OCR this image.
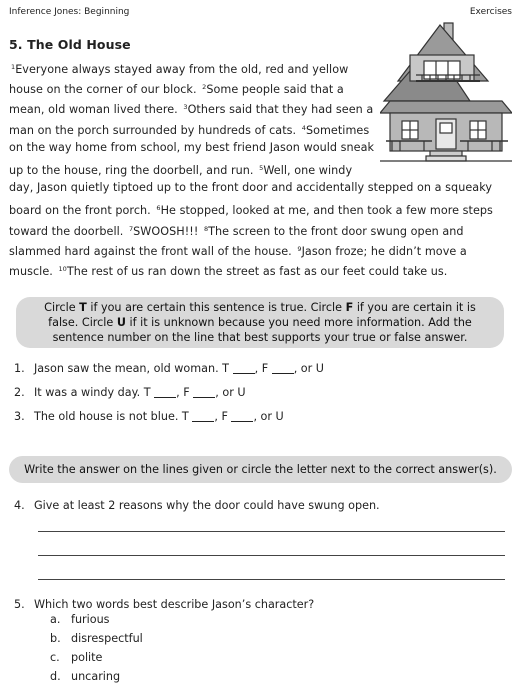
Inference Jones: Beginning	Exercises
5. The Old House
$^1$Everyone always stayed away from the old, red and yellow
house on the corner of our block. $^2$Some people said that a
mean, old woman lived there. $^3$Others said that they had seen a
man on the porch surrounded by hundreds of cats. $^4$Sometimes
on the way home from school, my best friend Jason would sneak
up to the house, ring the doorbell, and run. $^5$Well, one windy
day, Jason quietly tiptoed up to the front door and accidentally stepped on a squeaky
board on the front porch. $^6$He stopped, looked at me, and then took a few more steps
toward the doorbell. $^7$SWOOSH!!! $^8$The screen to the front door swung open and
slammed hard against the front wall of the house. $^9$Jason froze; he didn’t move a
muscle. $^{10}$The rest of us ran down the street as fast as our feet could take us.
Circle T if you are certain this sentence is true. Circle F if you are certain it is
false. Circle U if it is unknown because you need more information. Add the
sentence number on the line that best supports your true or false answer.
1. Jason saw the mean, old woman. T , F , or U
2. It was a windy day. T , F , or U
3. The old house is not blue. T , F , or U
Write the answer on the lines given or circle the letter next to the correct answer(s).
4. Give at least 2 reasons why the door could have swung open.
5. Which two words best describe Jason’s character?
a. furious
b. disrespectful
c. polite
d. uncaring
